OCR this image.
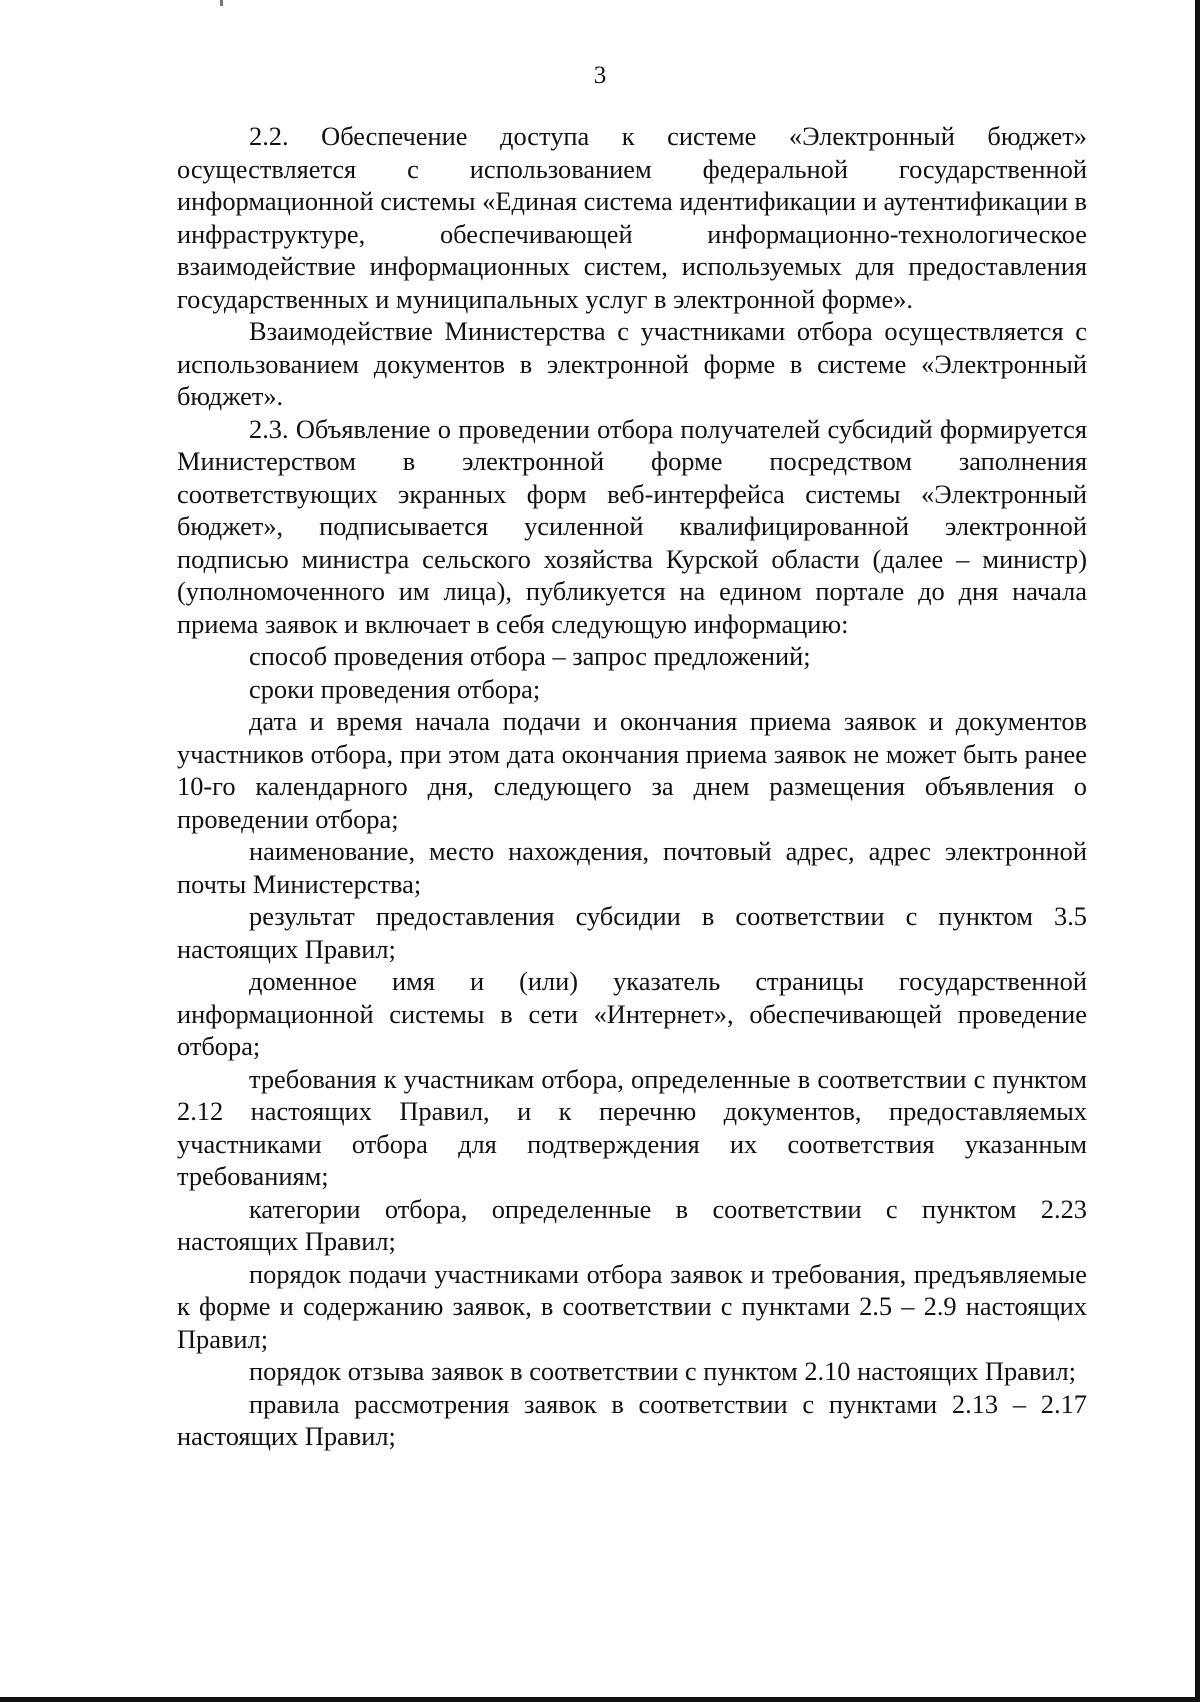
3

2.2. Обеспечение доступа к системе «Электронный бюджет» осуществляется с использованием федеральной государственной информационной системы «Единая система идентификации и аутентификации в инфраструктуре, обеспечивающей информационно-технологическое взаимодействие информационных систем, используемых для предоставления государственных и муниципальных услуг в электронной форме».

Взаимодействие Министерства с участниками отбора осуществляется с использованием документов в электронной форме в системе «Электронный бюджет».

2.3. Объявление о проведении отбора получателей субсидий формируется Министерством в электронной форме посредством заполнения соответствующих экранных форм веб-интерфейса системы «Электронный бюджет», подписывается усиленной квалифицированной электронной подписью министра сельского хозяйства Курской области (далее – министр) (уполномоченного им лица), публикуется на едином портале до дня начала приема заявок и включает в себя следующую информацию:

способ проведения отбора – запрос предложений;

сроки проведения отбора;

дата и время начала подачи и окончания приема заявок и документов участников отбора, при этом дата окончания приема заявок не может быть ранее 10-го календарного дня, следующего за днем размещения объявления о проведении отбора;

наименование, место нахождения, почтовый адрес, адрес электронной почты Министерства;

результат предоставления субсидии в соответствии с пунктом 3.5 настоящих Правил;

доменное имя и (или) указатель страницы государственной информационной системы в сети «Интернет», обеспечивающей проведение отбора;

требования к участникам отбора, определенные в соответствии с пунктом 2.12 настоящих Правил, и к перечню документов, предоставляемых участниками отбора для подтверждения их соответствия указанным требованиям;

категории отбора, определенные в соответствии с пунктом 2.23 настоящих Правил;

порядок подачи участниками отбора заявок и требования, предъявляемые к форме и содержанию заявок, в соответствии с пунктами 2.5 – 2.9 настоящих Правил;

порядок отзыва заявок в соответствии с пунктом 2.10 настоящих Правил;

правила рассмотрения заявок в соответствии с пунктами 2.13 – 2.17 настоящих Правил;
